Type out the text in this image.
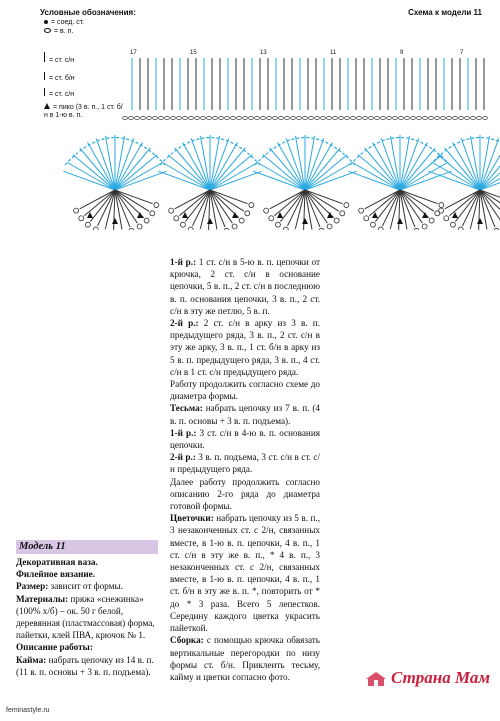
Условные обозначения:
= соед. ст.
= в. п.
= ст. с/н
= ст. б/н
= ст. с/н
= пико (3 в. п., 1 ст. б/н в 1-ю в. п.
Схема к модели 11
17	15	13	11	9	7

1-й р.: 1 ст. с/н в 5-ю в. п. цепочки от крючка, 2 ст. с/н в основание цепочки, 5 в. п., 2 ст. с/н в последнюю в. п. основания цепочки, 3 в. п., 2 ст. с/н в эту же петлю, 5 в. п.

2-й р.: 2 ст. с/н в арку из 3 в. п. предыдущего ряда, 3 в. п., 2 ст. с/н в эту же арку, 3 в. п., 1 ст. б/н в арку из 5 в. п. предыдущего ряда, 3 в. п., 4 ст. с/н в 1 ст. с/н предыдущего ряда.

Работу продолжить согласно схеме до диаметра формы.

Тесьма: набрать цепочку из 7 в. п. (4 в. п. основы + 3 в. п. подъема).

1-й р.: 3 ст. с/н в 4-ю в. п. основания цепочки.

2-й р.: 3 в. п. подъема, 3 ст. с/н в ст. с/н предыдущего ряда.

Далее работу продолжить согласно описанию 2-го ряда до диаметра готовой формы.

Цветочки: набрать цепочку из 5 в. п., 3 незаконченных ст. с 2/н, связанных вместе, в 1-ю в. п. цепочки, 4 в. п., 1 ст. с/н в эту же в. п., * 4 в. п., 3 незаконченных ст. с 2/н, связанных вместе, в 1-ю в. п. цепочки, 4 в. п., 1 ст. б/н в эту же в. п. *, повторить от * до * 3 раза. Всего 5 лепестков. Середину каждого цветка украсить пайеткой.

Сборка: с помощью крючка обвязать вертикальные перегородки по низу формы ст. б/н. Приклеить тесьму, кайму и цветки согласно фото.

Модель 11

Декоративная ваза.

Филейное вязание.

Размер: зависит от формы.

Материалы: пряжа «снежинка» (100% х/б) – ок. 50 г белой, деревянная (пластмассовая) форма, пайетки, клей ПВА, крючок № 1.

Описание работы:

Кайма: набрать цепочку из 14 в. п. (11 в. п. основы + 3 в. п. подъема).	Страна Мам
feminastyle.ru
